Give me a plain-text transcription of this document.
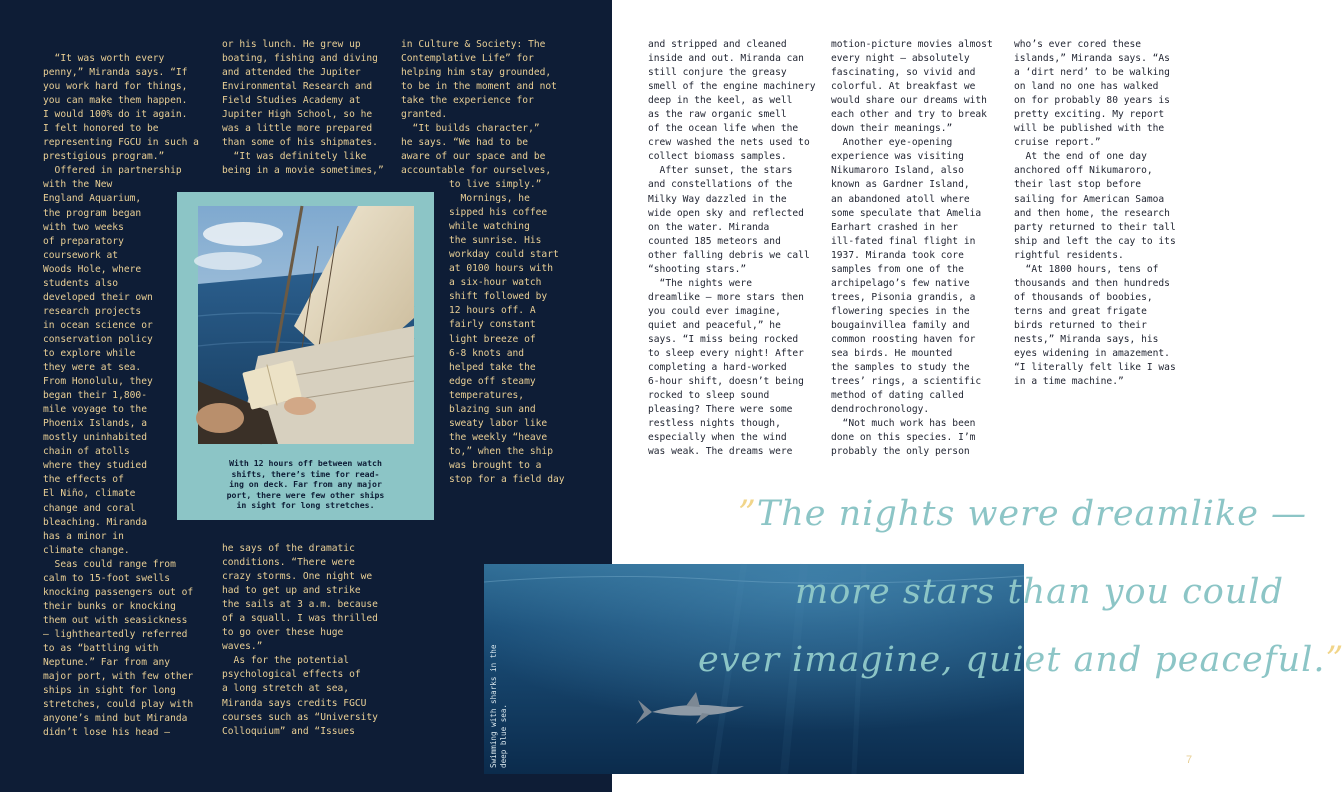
“It was worth every
penny,” Miranda says. “If
you work hard for things,
you can make them happen.
I would 100% do it again.
I felt honored to be
representing FGCU in such a
prestigious program.”
Offered in partnership
with the New
England Aquarium,
the program began
with two weeks
of preparatory
coursework at
Woods Hole, where
students also
developed their own
research projects
in ocean science or
conservation policy
to explore while
they were at sea.
From Honolulu, they
began their 1,800-
mile voyage to the
Phoenix Islands, a
mostly uninhabited
chain of atolls
where they studied
the effects of
El Niño, climate
change and coral
bleaching. Miranda
has a minor in
climate change.
Seas could range from
calm to 15-foot swells
knocking passengers out of
their bunks or knocking
them out with seasickness
— lightheartedly referred
to as “battling with
Neptune.” Far from any
major port, with few other
ships in sight for long
stretches, could play with
anyone’s mind but Miranda
didn’t lose his head —
or his lunch. He grew up
boating, fishing and diving
and attended the Jupiter
Environmental Research and
Field Studies Academy at
Jupiter High School, so he
was a little more prepared
than some of his shipmates.
“It was definitely like
being in a movie sometimes,”
he says of the dramatic
conditions. “There were
crazy storms. One night we
had to get up and strike
the sails at 3 a.m. because
of a squall. I was thrilled
to go over these huge
waves.”
As for the potential
psychological effects of
a long stretch at sea,
Miranda says credits FGCU
courses such as “University
Colloquium” and “Issues
in Culture & Society: The
Contemplative Life” for
helping him stay grounded,
to be in the moment and not
take the experience for
granted.
“It builds character,”
he says. “We had to be
aware of our space and be
accountable for ourselves,
to live simply.”
Mornings, he
sipped his coffee
while watching
the sunrise. His
workday could start
at 0100 hours with
a six-hour watch
shift followed by
12 hours off. A
fairly constant
light breeze of
6-8 knots and
helped take the
edge off steamy
temperatures,
blazing sun and
sweaty labor like
the weekly “heave
to,” when the ship
was brought to a
stop for a field day
With 12 hours off between watch
shifts, there’s time for read-
ing on deck. Far from any major
port, there were few other ships
in sight for long stretches.
and stripped and cleaned
inside and out. Miranda can
still conjure the greasy
smell of the engine machinery
deep in the keel, as well
as the raw organic smell
of the ocean life when the
crew washed the nets used to
collect biomass samples.
After sunset, the stars
and constellations of the
Milky Way dazzled in the
wide open sky and reflected
on the water. Miranda
counted 185 meteors and
other falling debris we call
“shooting stars.”
“The nights were
dreamlike — more stars then
you could ever imagine,
quiet and peaceful,” he
says. “I miss being rocked
to sleep every night! After
completing a hard-worked
6-hour shift, doesn’t being
rocked to sleep sound
pleasing? There were some
restless nights though,
especially when the wind
was weak. The dreams were
motion-picture movies almost
every night — absolutely
fascinating, so vivid and
colorful. At breakfast we
would share our dreams with
each other and try to break
down their meanings.”
Another eye-opening
experience was visiting
Nikumaroro Island, also
known as Gardner Island,
an abandoned atoll where
some speculate that Amelia
Earhart crashed in her
ill-fated final flight in
1937. Miranda took core
samples from one of the
archipelago’s few native
trees, Pisonia grandis, a
flowering species in the
bougainvillea family and
common roosting haven for
sea birds. He mounted
the samples to study the
trees’ rings, a scientific
method of dating called
dendrochronology.
“Not much work has been
done on this species. I’m
probably the only person
who’s ever cored these
islands,” Miranda says. “As
a ‘dirt nerd’ to be walking
on land no one has walked
on for probably 80 years is
pretty exciting. My report
will be published with the
cruise report.”
At the end of one day
anchored off Nikumaroro,
their last stop before
sailing for American Samoa
and then home, the research
party returned to their tall
ship and left the cay to its
rightful residents.
“At 1800 hours, tens of
thousands and then hundreds
of thousands of boobies,
terns and great frigate
birds returned to their
nests,” Miranda says, his
eyes widening in amazement.
“I literally felt like I was
in a time machine.”
7
Swimming with sharks in the
deep blue sea.
”The nights were dreamlike —
more stars than you could
ever imagine, quiet and peaceful.”
